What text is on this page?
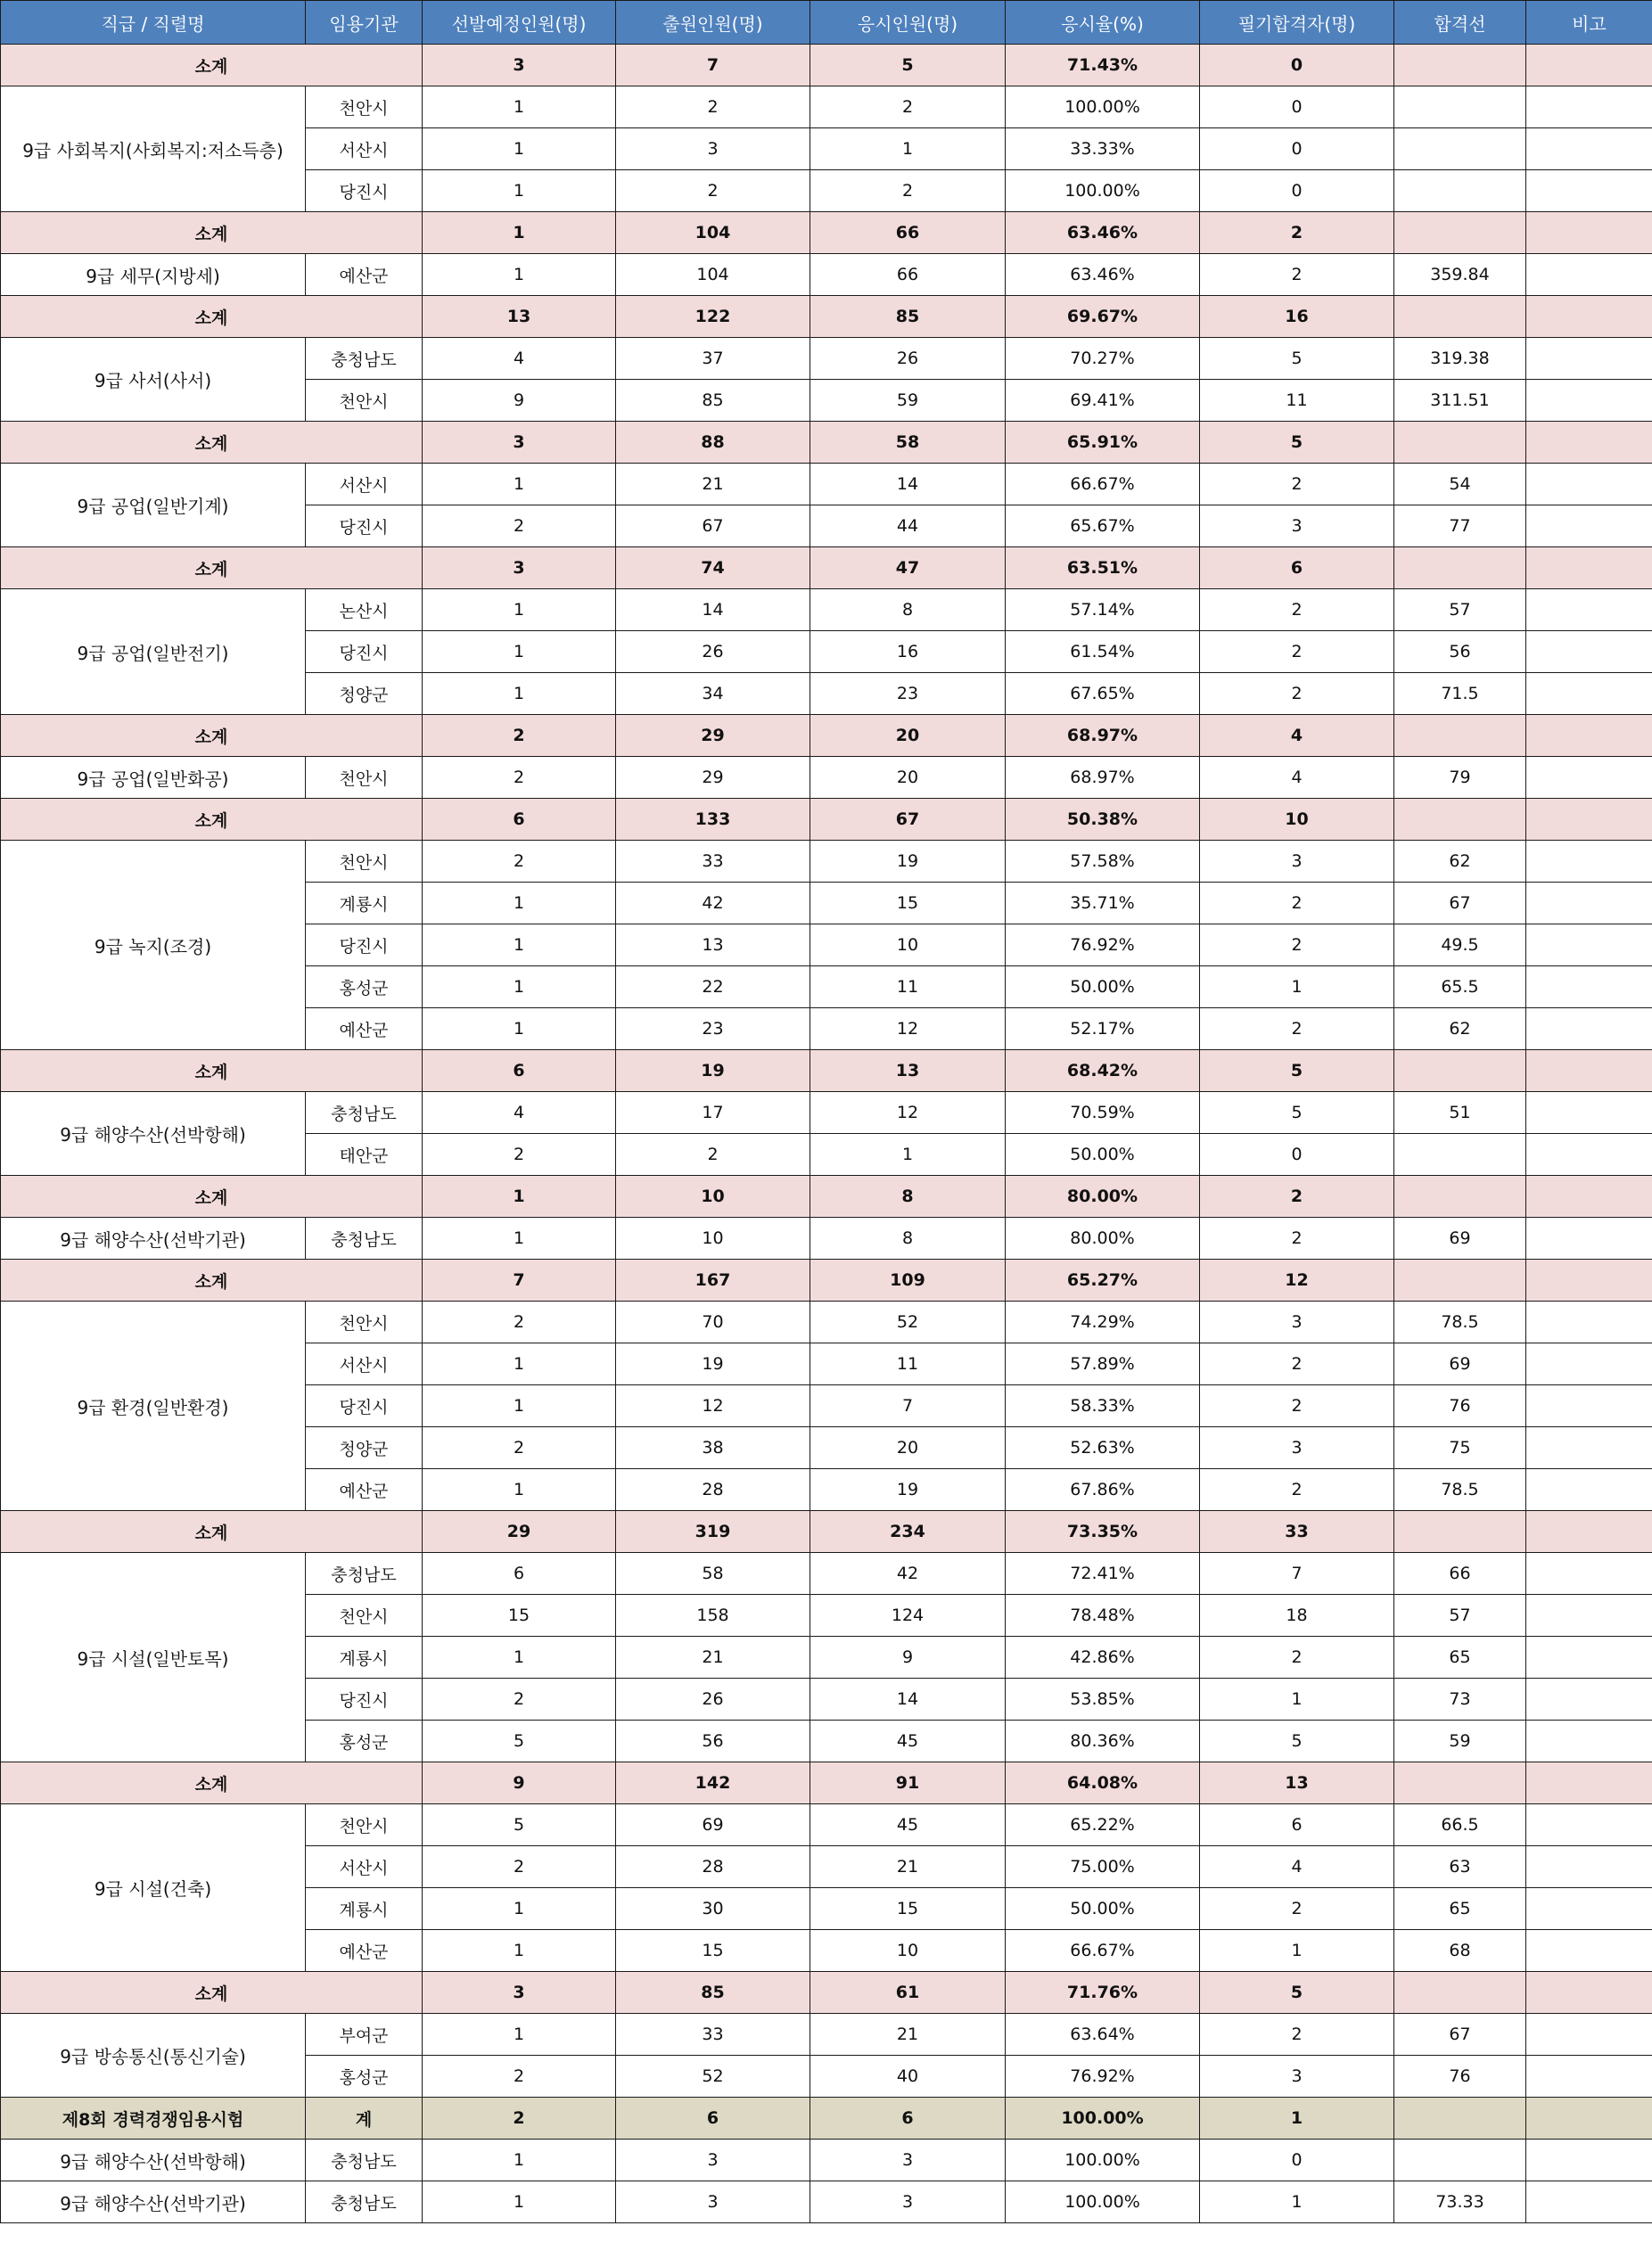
직급 / 직렬명	임용기관	선발예정인원(명)	출원인원(명)	응시인원(명)	응시율(%)	필기합격자(명)	합격선	비고
소계		3	7	5	71.43%	0		
9급 사회복지(사회복지:저소득층)	천안시	1	2	2	100.00%	0		
	서산시	1	3	1	33.33%	0		
	당진시	1	2	2	100.00%	0		
소계		1	104	66	63.46%	2		
9급 세무(지방세)	예산군	1	104	66	63.46%	2	359.84	
소계		13	122	85	69.67%	16		
9급 사서(사서)	충청남도	4	37	26	70.27%	5	319.38	
	천안시	9	85	59	69.41%	11	311.51	
소계		3	88	58	65.91%	5		
9급 공업(일반기계)	서산시	1	21	14	66.67%	2	54	
	당진시	2	67	44	65.67%	3	77	
소계		3	74	47	63.51%	6		
9급 공업(일반전기)	논산시	1	14	8	57.14%	2	57	
	당진시	1	26	16	61.54%	2	56	
	청양군	1	34	23	67.65%	2	71.5	
소계		2	29	20	68.97%	4		
9급 공업(일반화공)	천안시	2	29	20	68.97%	4	79	
소계		6	133	67	50.38%	10		
9급 녹지(조경)	천안시	2	33	19	57.58%	3	62	
	계룡시	1	42	15	35.71%	2	67	
	당진시	1	13	10	76.92%	2	49.5	
	홍성군	1	22	11	50.00%	1	65.5	
	예산군	1	23	12	52.17%	2	62	
소계		6	19	13	68.42%	5		
9급 해양수산(선박항해)	충청남도	4	17	12	70.59%	5	51	
	태안군	2	2	1	50.00%	0		
소계		1	10	8	80.00%	2		
9급 해양수산(선박기관)	충청남도	1	10	8	80.00%	2	69	
소계		7	167	109	65.27%	12		
9급 환경(일반환경)	천안시	2	70	52	74.29%	3	78.5	
	서산시	1	19	11	57.89%	2	69	
	당진시	1	12	7	58.33%	2	76	
	청양군	2	38	20	52.63%	3	75	
	예산군	1	28	19	67.86%	2	78.5	
소계		29	319	234	73.35%	33		
9급 시설(일반토목)	충청남도	6	58	42	72.41%	7	66	
	천안시	15	158	124	78.48%	18	57	
	계룡시	1	21	9	42.86%	2	65	
	당진시	2	26	14	53.85%	1	73	
	홍성군	5	56	45	80.36%	5	59	
소계		9	142	91	64.08%	13		
9급 시설(건축)	천안시	5	69	45	65.22%	6	66.5	
	서산시	2	28	21	75.00%	4	63	
	계룡시	1	30	15	50.00%	2	65	
	예산군	1	15	10	66.67%	1	68	
소계		3	85	61	71.76%	5		
9급 방송통신(통신기술)	부여군	1	33	21	63.64%	2	67	
	홍성군	2	52	40	76.92%	3	76	
제8회 경력경쟁임용시험	계	2	6	6	100.00%	1		
9급 해양수산(선박항해)	충청남도	1	3	3	100.00%	0		
9급 해양수산(선박기관)	충청남도	1	3	3	100.00%	1	73.33	
